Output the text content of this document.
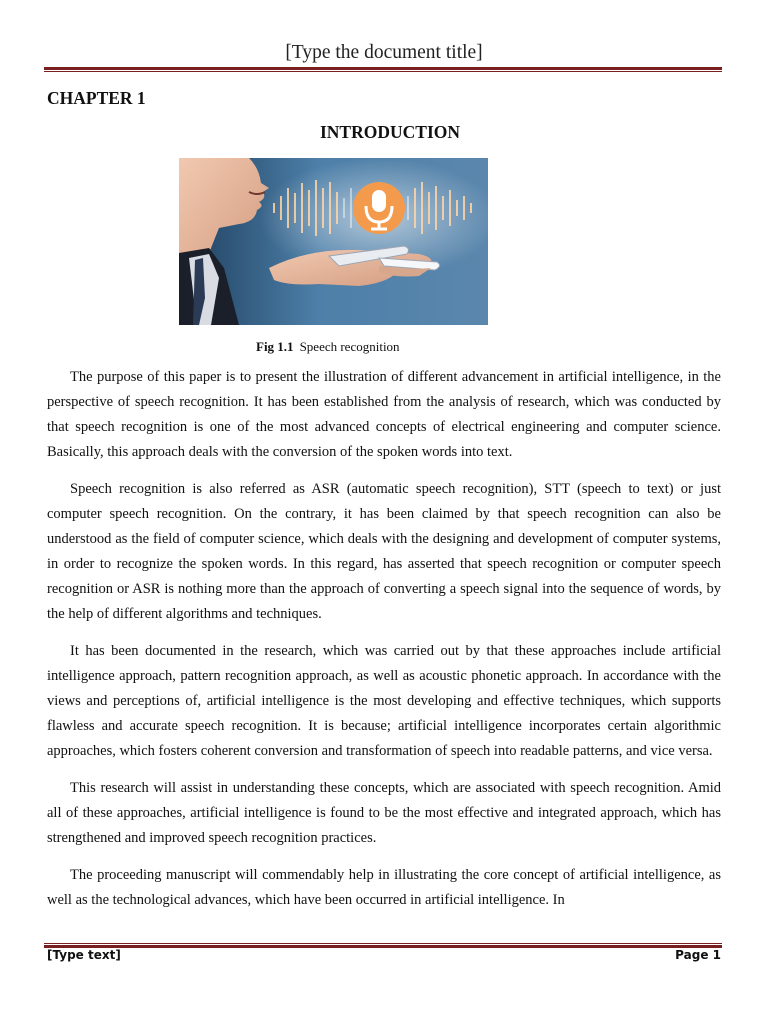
[Type the document title]
CHAPTER 1
INTRODUCTION
Fig 1.1 Speech recognition

The purpose of this paper is to present the illustration of different advancement in artificial intelligence, in the perspective of speech recognition. It has been established from the analysis of research, which was conducted by that speech recognition is one of the most advanced concepts of electrical engineering and computer science. Basically, this approach deals with the conversion of the spoken words into text.

Speech recognition is also referred as ASR (automatic speech recognition), STT (speech to text) or just computer speech recognition. On the contrary, it has been claimed by that speech recognition can also be understood as the field of computer science, which deals with the designing and development of computer systems, in order to recognize the spoken words. In this regard, has asserted that speech recognition or computer speech recognition or ASR is nothing more than the approach of converting a speech signal into the sequence of words, by the help of different algorithms and techniques.

It has been documented in the research, which was carried out by that these approaches include artificial intelligence approach, pattern recognition approach, as well as acoustic phonetic approach. In accordance with the views and perceptions of, artificial intelligence is the most developing and effective techniques, which supports flawless and accurate speech recognition. It is because; artificial intelligence incorporates certain algorithmic approaches, which fosters coherent conversion and transformation of speech into readable patterns, and vice versa.

This research will assist in understanding these concepts, which are associated with speech recognition. Amid all of these approaches, artificial intelligence is found to be the most effective and integrated approach, which has strengthened and improved speech recognition practices.

The proceeding manuscript will commendably help in illustrating the core concept of artificial intelligence, as well as the technological advances, which have been occurred in artificial intelligence. In

[Type text]	Page 1
